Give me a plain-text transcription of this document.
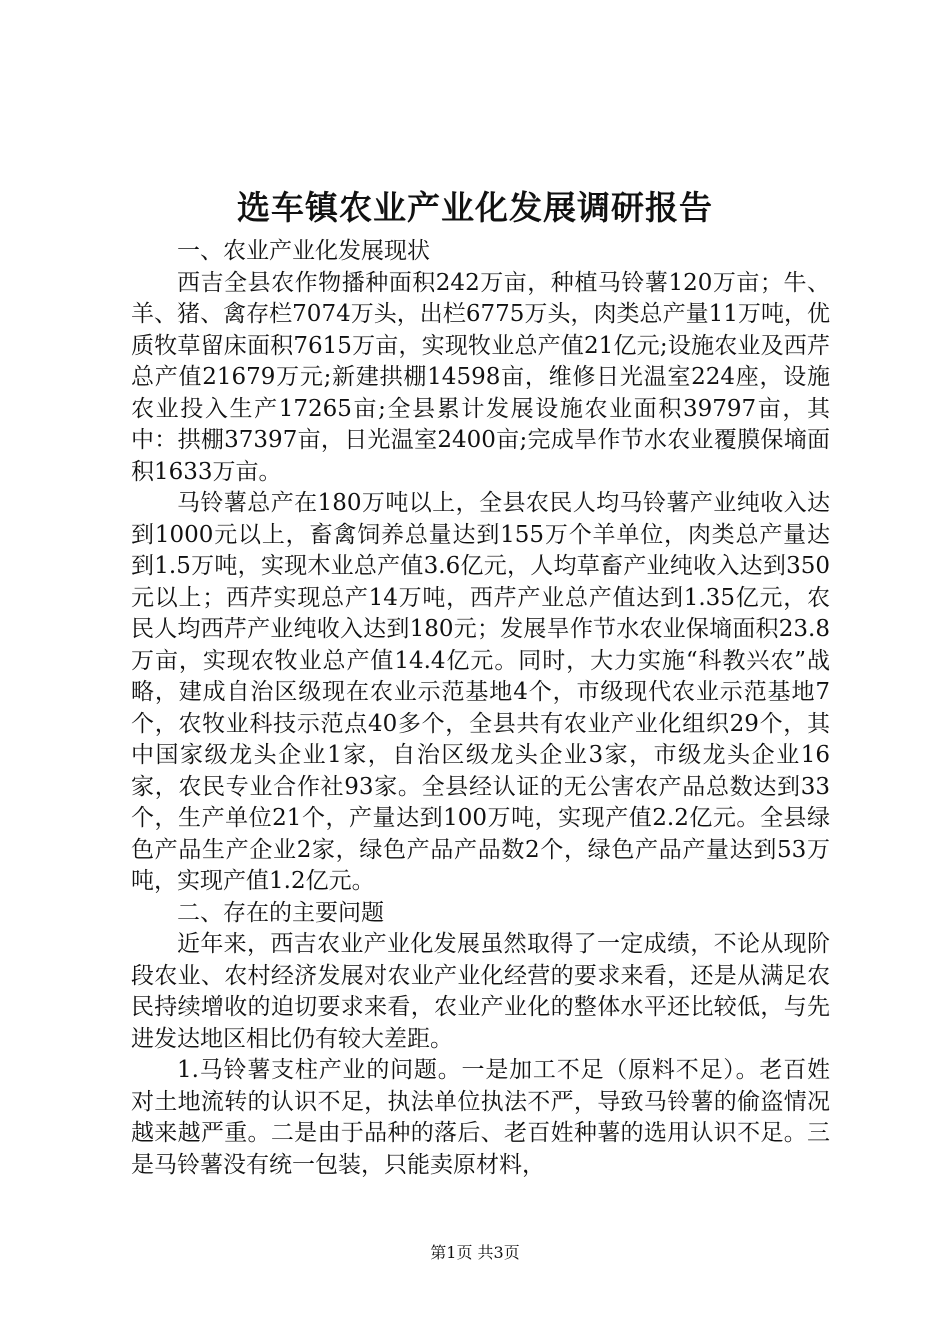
选车镇农业产业化发展调研报告

一、农业产业化发展现状

西吉全县农作物播种面积242万亩，种植马铃薯120万亩；牛、羊、猪、禽存栏7074万头，出栏6775万头，肉类总产量11万吨，优质牧草留床面积7615万亩，实现牧业总产值21亿元;设施农业及西芹总产值21679万元;新建拱棚14598亩，维修日光温室224座，设施农业投入生产17265亩;全县累计发展设施农业面积39797亩，其中：拱棚37397亩，日光温室2400亩;完成旱作节水农业覆膜保墒面积1633万亩。

马铃薯总产在180万吨以上，全县农民人均马铃薯产业纯收入达到1000元以上，畜禽饲养总量达到155万个羊单位，肉类总产量达到1.5万吨，实现木业总产值3.6亿元，人均草畜产业纯收入达到350元以上；西芹实现总产14万吨，西芹产业总产值达到1.35亿元，农民人均西芹产业纯收入达到180元；发展旱作节水农业保墒面积23.8万亩，实现农牧业总产值14.4亿元。同时，大力实施“科教兴农”战略，建成自治区级现在农业示范基地4个，市级现代农业示范基地7个，农牧业科技示范点40多个，全县共有农业产业化组织29个，其中国家级龙头企业1家，自治区级龙头企业3家，市级龙头企业16家，农民专业合作社93家。全县经认证的无公害农产品总数达到33个，生产单位21个，产量达到100万吨，实现产值2.2亿元。全县绿色产品生产企业2家，绿色产品产品数2个，绿色产品产量达到53万吨，实现产值1.2亿元。

二、存在的主要问题

近年来，西吉农业产业化发展虽然取得了一定成绩，不论从现阶段农业、农村经济发展对农业产业化经营的要求来看，还是从满足农民持续增收的迫切要求来看，农业产业化的整体水平还比较低，与先进发达地区相比仍有较大差距。

1.马铃薯支柱产业的问题。一是加工不足（原料不足）。老百姓对土地流转的认识不足，执法单位执法不严，导致马铃薯的偷盗情况越来越严重。二是由于品种的落后、老百姓种薯的选用认识不足。三是马铃薯没有统一包装，只能卖原材料，

第1页 共3页
